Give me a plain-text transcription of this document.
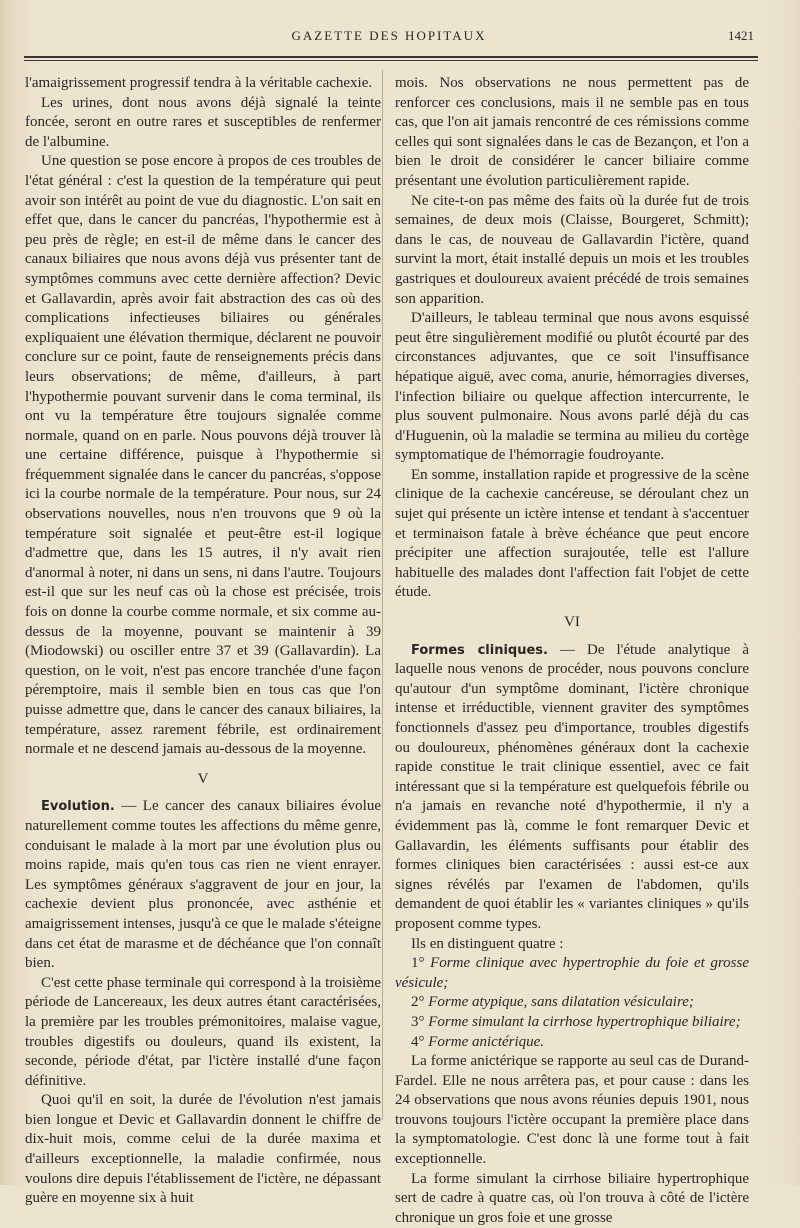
GAZETTE DES HOPITAUX	1421

l'amaigrissement progressif tendra à la véritable cachexie.

Les urines, dont nous avons déjà signalé la teinte foncée, seront en outre rares et susceptibles de renfermer de l'albumine.

Une question se pose encore à propos de ces troubles de l'état général : c'est la question de la température qui peut avoir son intérêt au point de vue du diagnostic. L'on sait en effet que, dans le cancer du pancréas, l'hypothermie est à peu près de règle; en est-il de même dans le cancer des canaux biliaires que nous avons déjà vus présenter tant de symptômes communs avec cette dernière affection? Devic et Gallavardin, après avoir fait abstraction des cas où des complications infectieuses biliaires ou générales expliquaient une élévation thermique, déclarent ne pouvoir conclure sur ce point, faute de renseignements précis dans leurs observations; de même, d'ailleurs, à part l'hypothermie pouvant survenir dans le coma terminal, ils ont vu la température être toujours signalée comme normale, quand on en parle. Nous pouvons déjà trouver là une certaine différence, puisque à l'hypothermie si fréquemment signalée dans le cancer du pancréas, s'oppose ici la courbe normale de la température. Pour nous, sur 24 observations nouvelles, nous n'en trouvons que 9 où la température soit signalée et peut-être est-il logique d'admettre que, dans les 15 autres, il n'y avait rien d'anormal à noter, ni dans un sens, ni dans l'autre. Toujours est-il que sur les neuf cas où la chose est précisée, trois fois on donne la courbe comme normale, et six comme au-dessus de la moyenne, pouvant se maintenir à 39 (Miodowski) ou osciller entre 37 et 39 (Gallavardin). La question, on le voit, n'est pas encore tranchée d'une façon péremptoire, mais il semble bien en tous cas que l'on puisse admettre que, dans le cancer des canaux biliaires, la température, assez rarement fébrile, est ordinairement normale et ne descend jamais au-dessous de la moyenne.

V

Evolution. — Le cancer des canaux biliaires évolue naturellement comme toutes les affections du même genre, conduisant le malade à la mort par une évolution plus ou moins rapide, mais qu'en tous cas rien ne vient enrayer. Les symptômes généraux s'aggravent de jour en jour, la cachexie devient plus prononcée, avec asthénie et amaigrissement intenses, jusqu'à ce que le malade s'éteigne dans cet état de marasme et de déchéance que l'on connaît bien.

C'est cette phase terminale qui correspond à la troisième période de Lancereaux, les deux autres étant caractérisées, la première par les troubles prémonitoires, malaise vague, troubles digestifs ou douleurs, quand ils existent, la seconde, période d'état, par l'ictère installé d'une façon définitive.

Quoi qu'il en soit, la durée de l'évolution n'est jamais bien longue et Devic et Gallavardin donnent le chiffre de dix-huit mois, comme celui de la durée maxima et d'ailleurs exceptionnelle, la maladie confirmée, nous voulons dire depuis l'établissement de l'ictère, ne dépassant guère en moyenne six à huit

mois. Nos observations ne nous permettent pas de renforcer ces conclusions, mais il ne semble pas en tous cas, que l'on ait jamais rencontré de ces rémissions comme celles qui sont signalées dans le cas de Bezançon, et l'on a bien le droit de considérer le cancer biliaire comme présentant une évolution particulièrement rapide.

Ne cite-t-on pas même des faits où la durée fut de trois semaines, de deux mois (Claisse, Bourgeret, Schmitt); dans le cas, de nouveau de Gallavardin l'ictère, quand survint la mort, était installé depuis un mois et les troubles gastriques et douloureux avaient précédé de trois semaines son apparition.

D'ailleurs, le tableau terminal que nous avons esquissé peut être singulièrement modifié ou plutôt écourté par des circonstances adjuvantes, que ce soit l'insuffisance hépatique aiguë, avec coma, anurie, hémorragies diverses, l'infection biliaire ou quelque affection intercurrente, le plus souvent pulmonaire. Nous avons parlé déjà du cas d'Huguenin, où la maladie se termina au milieu du cortège symptomatique de l'hémorragie foudroyante.

En somme, installation rapide et progressive de la scène clinique de la cachexie cancéreuse, se déroulant chez un sujet qui présente un ictère intense et tendant à s'accentuer et terminaison fatale à brève échéance que peut encore précipiter une affection surajoutée, telle est l'allure habituelle des malades dont l'affection fait l'objet de cette étude.

VI

Formes cliniques. — De l'étude analytique à laquelle nous venons de procéder, nous pouvons conclure qu'autour d'un symptôme dominant, l'ictère chronique intense et irréductible, viennent graviter des symptômes fonctionnels d'assez peu d'importance, troubles digestifs ou douloureux, phénomènes généraux dont la cachexie rapide constitue le trait clinique essentiel, avec ce fait intéressant que si la température est quelquefois fébrile ou n'a jamais en revanche noté d'hypothermie, il n'y a évidemment pas là, comme le font remarquer Devic et Gallavardin, les éléments suffisants pour établir des formes cliniques bien caractérisées : aussi est-ce aux signes révélés par l'examen de l'abdomen, qu'ils demandent de quoi établir les « variantes cliniques » qu'ils proposent comme types.

Ils en distinguent quatre :

1° Forme clinique avec hypertrophie du foie et grosse vésicule;

2° Forme atypique, sans dilatation vésiculaire;

3° Forme simulant la cirrhose hypertrophique biliaire;

4° Forme anictérique.

La forme anictérique se rapporte au seul cas de Durand-Fardel. Elle ne nous arrêtera pas, et pour cause : dans les 24 observations que nous avons réunies depuis 1901, nous trouvons toujours l'ictère occupant la première place dans la symptomatologie. C'est donc là une forme tout à fait exceptionnelle.

La forme simulant la cirrhose biliaire hypertrophique sert de cadre à quatre cas, où l'on trouva à côté de l'ictère chronique un gros foie et une grosse
